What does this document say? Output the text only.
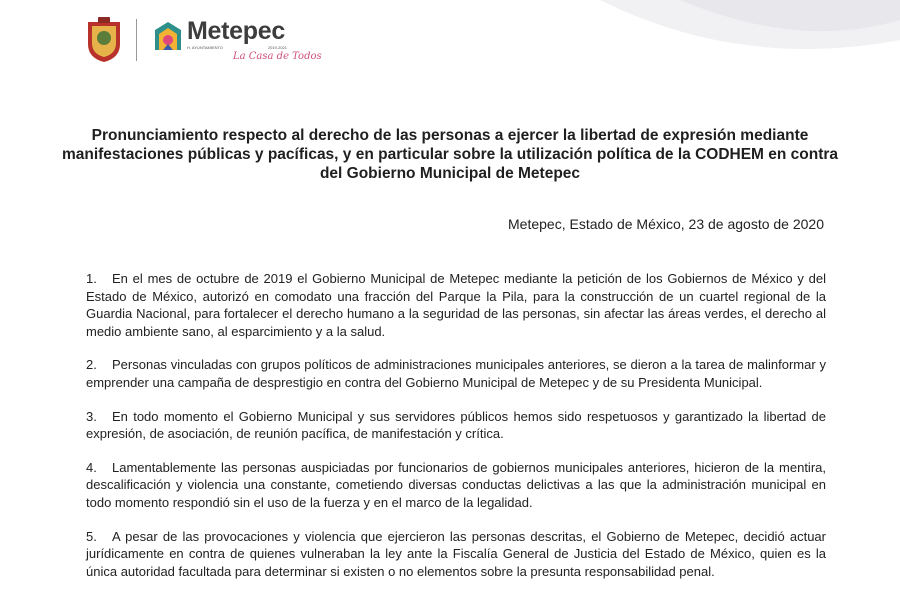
Metepec
H. AYUNTAMIENTO	2019-2021
La Casa de Todos
Pronunciamiento respecto al derecho de las personas a ejercer la libertad de expresión mediante manifestaciones públicas y pacíficas, y en particular sobre la utilización política de la CODHEM en contra del Gobierno Municipal de Metepec
Metepec, Estado de México, 23 de agosto de 2020

1. En el mes de octubre de 2019 el Gobierno Municipal de Metepec mediante la petición de los Gobiernos de México y del Estado de México, autorizó en comodato una fracción del Parque la Pila, para la construcción de un cuartel regional de la Guardia Nacional, para fortalecer el derecho humano a la seguridad de las personas, sin afectar las áreas verdes, el derecho al medio ambiente sano, al esparcimiento y a la salud.

2. Personas vinculadas con grupos políticos de administraciones municipales anteriores, se dieron a la tarea de malinformar y emprender una campaña de desprestigio en contra del Gobierno Municipal de Metepec y de su Presidenta Municipal.

3. En todo momento el Gobierno Municipal y sus servidores públicos hemos sido respetuosos y garantizado la libertad de expresión, de asociación, de reunión pacífica, de manifestación y crítica.

4. Lamentablemente las personas auspiciadas por funcionarios de gobiernos municipales anteriores, hicieron de la mentira, descalificación y violencia una constante, cometiendo diversas conductas delictivas a las que la administración municipal en todo momento respondió sin el uso de la fuerza y en el marco de la legalidad.

5. A pesar de las provocaciones y violencia que ejercieron las personas descritas, el Gobierno de Metepec, decidió actuar jurídicamente en contra de quienes vulneraban la ley ante la Fiscalía General de Justicia del Estado de México, quien es la única autoridad facultada para determinar si existen o no elementos sobre la presunta responsabilidad penal.
